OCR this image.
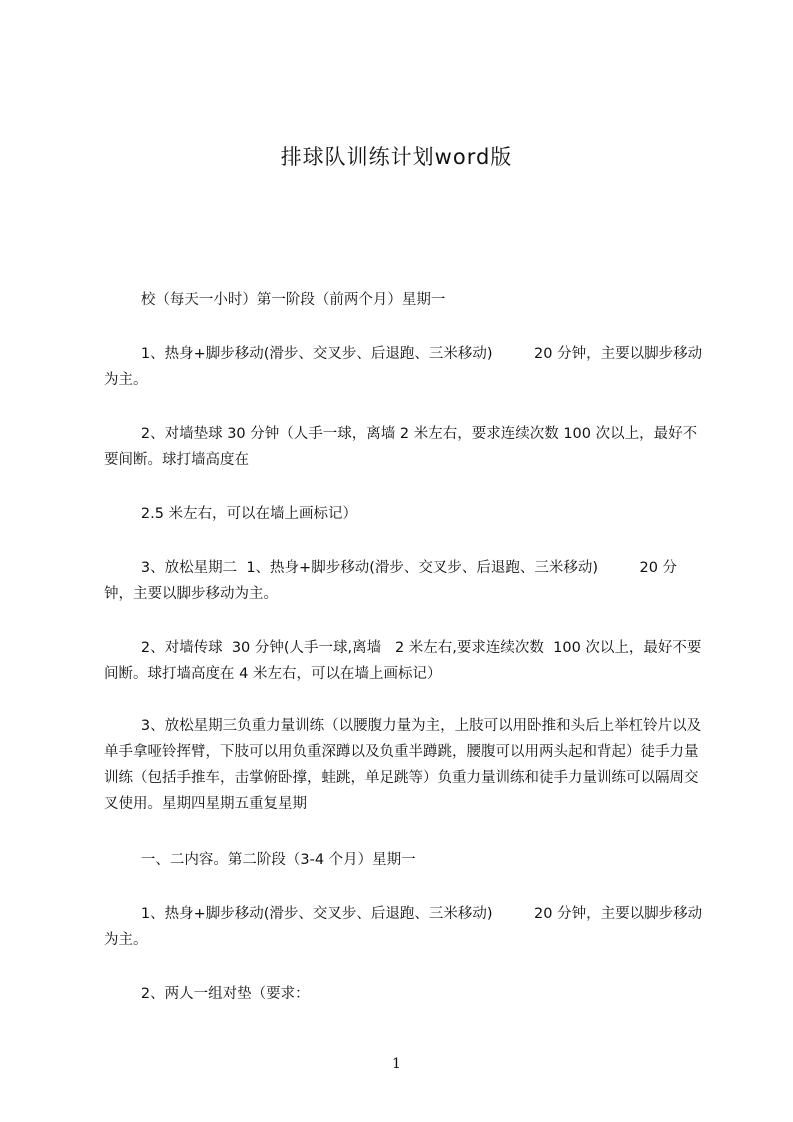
排球队训练计划word版
校（每天一小时）第一阶段（前两个月）星期一
1、热身+脚步移动(滑步、交叉步、后退跑、三米移动)         20 分钟，主要以脚步移动为主。
2、对墙垫球 30 分钟（人手一球，离墙 2 米左右，要求连续次数 100 次以上，最好不要间断。球打墙高度在
2.5 米左右，可以在墙上画标记）
3、放松星期二  1、热身+脚步移动(滑步、交叉步、后退跑、三米移动)         20 分钟，主要以脚步移动为主。
2、对墙传球  30 分钟(人手一球,离墙   2 米左右,要求连续次数  100 次以上，最好不要间断。球打墙高度在 4 米左右，可以在墙上画标记）
3、放松星期三负重力量训练（以腰腹力量为主，上肢可以用卧推和头后上举杠铃片以及单手拿哑铃挥臂，下肢可以用负重深蹲以及负重半蹲跳，腰腹可以用两头起和背起）徒手力量训练（包括手推车，击掌俯卧撑，蛙跳，单足跳等）负重力量训练和徒手力量训练可以隔周交叉使用。星期四星期五重复星期
一、二内容。第二阶段（3-4 个月）星期一
1、热身+脚步移动(滑步、交叉步、后退跑、三米移动)         20 分钟，主要以脚步移动为主。
2、两人一组对垫（要求：
1
